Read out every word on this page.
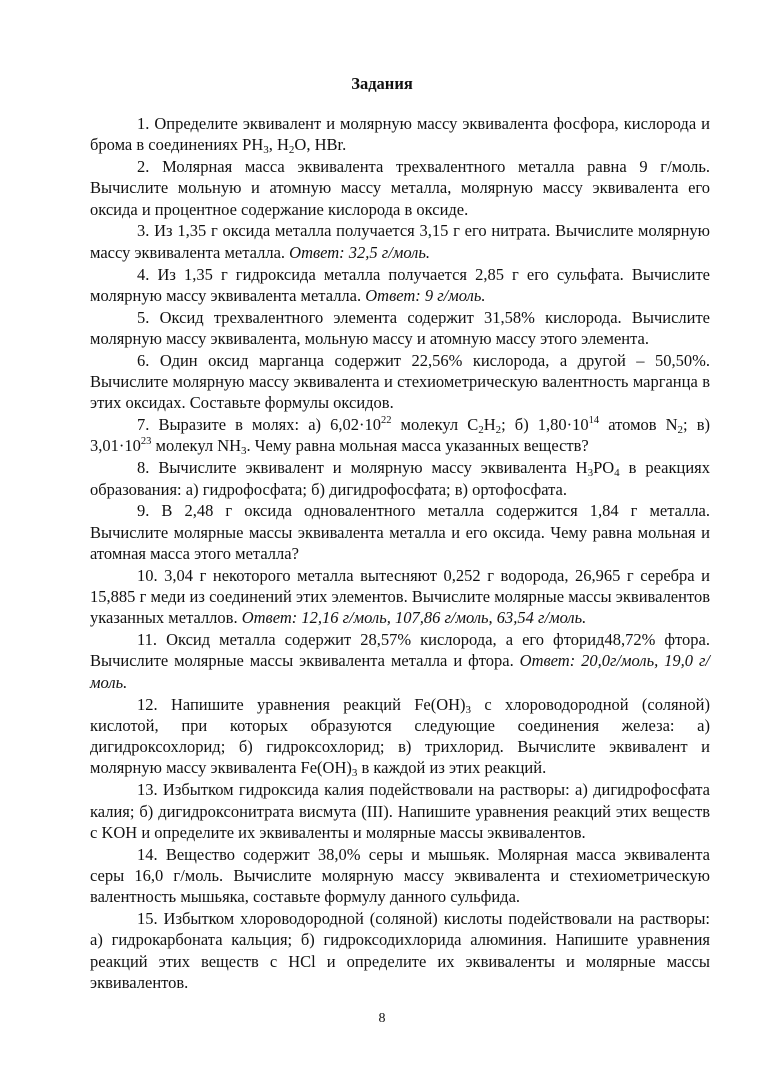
Задания

1. Определите эквивалент и молярную массу эквивалента фосфора, кислорода и брома в соединениях $PH_3$, $H_2O$, HBr.

2. Молярная масса эквивалента трехвалентного металла равна 9 г/моль. Вычислите мольную и атомную массу металла, молярную массу эквивалента его оксида и процентное содержание кислорода в оксиде.

3. Из 1,35 г оксида металла получается 3,15 г его нитрата. Вычислите молярную массу эквивалента металла. Ответ: 32,5 г/моль.

4. Из 1,35 г гидроксида металла получается 2,85 г его сульфата. Вычислите молярную массу эквивалента металла. Ответ: 9 г/моль.

5. Оксид трехвалентного элемента содержит 31,58% кислорода. Вычислите молярную массу эквивалента, мольную массу и атомную массу этого элемента.

6. Один оксид марганца содержит 22,56% кислорода, а другой – 50,50%. Вычислите молярную массу эквивалента и стехиометрическую валентность марганца в этих оксидах. Составьте формулы оксидов.

7. Выразите в молях: а) $6,02\cdot 10^{22}$ молекул $C_2H_2$; б) $1,80\cdot 10^{14}$ атомов $N_2$; в) $3,01\cdot 10^{23}$ молекул $NH_3$. Чему равна мольная масса указанных веществ?

8. Вычислите эквивалент и молярную массу эквивалента $H_3PO_4$ в реакциях образования: а) гидрофосфата; б) дигидрофосфата; в) ортофосфата.

9. В 2,48 г оксида одновалентного металла содержится 1,84 г металла. Вычислите молярные массы эквивалента металла и его оксида. Чему равна мольная и атомная масса этого металла?

10. 3,04 г некоторого металла вытесняют 0,252 г водорода, 26,965 г серебра и 15,885 г меди из соединений этих элементов. Вычислите молярные массы эквивалентов указанных металлов. Ответ: 12,16 г/моль, 107,86 г/моль, 63,54 г/моль.

11. Оксид металла содержит 28,57% кислорода, а его фторид48,72% фтора. Вычислите молярные массы эквивалента металла и фтора. Ответ: 20,0г/моль, 19,0 г/моль.

12. Напишите уравнения реакций $Fe(OH)_3$ с хлороводородной (соляной) кислотой, при которых образуются следующие соединения железа: а) дигидроксохлорид; б) гидроксохлорид; в) трихлорид. Вычислите эквивалент и молярную массу эквивалента $Fe(OH)_3$ в каждой из этих реакций.

13. Избытком гидроксида калия подействовали на растворы: а) дигидрофосфата калия; б) дигидроксонитрата висмута (III). Напишите уравнения реакций этих веществ с KOH и определите их эквиваленты и молярные массы эквивалентов.

14. Вещество содержит 38,0% серы и мышьяк. Молярная масса эквивалента серы 16,0 г/моль. Вычислите молярную массу эквивалента и стехиометрическую валентность мышьяка, составьте формулу данного сульфида.

15. Избытком хлороводородной (соляной) кислоты подействовали на растворы: а) гидрокарбоната кальция; б) гидроксодихлорида алюминия. Напишите уравнения реакций этих веществ с HCl и определите их эквиваленты и молярные массы эквивалентов.

8
